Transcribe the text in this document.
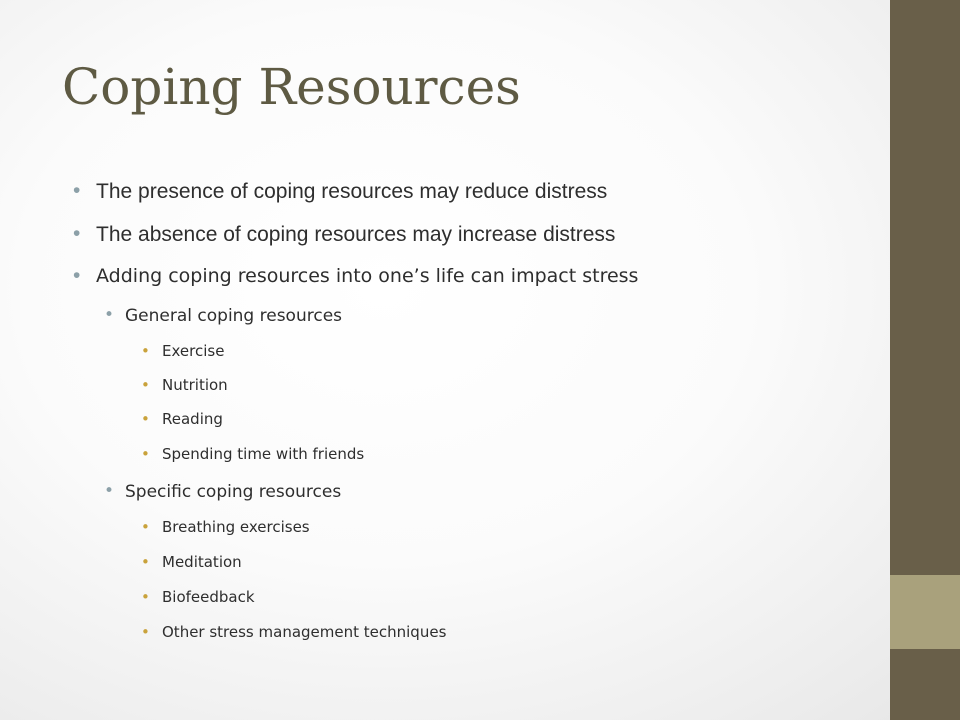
Coping Resources
• The presence of coping resources may reduce distress
• The absence of coping resources may increase distress
• Adding coping resources into one’s life can impact stress
• General coping resources
• Exercise
• Nutrition
• Reading
• Spending time with friends
• Specific coping resources
• Breathing exercises
• Meditation
• Biofeedback
• Other stress management techniques
